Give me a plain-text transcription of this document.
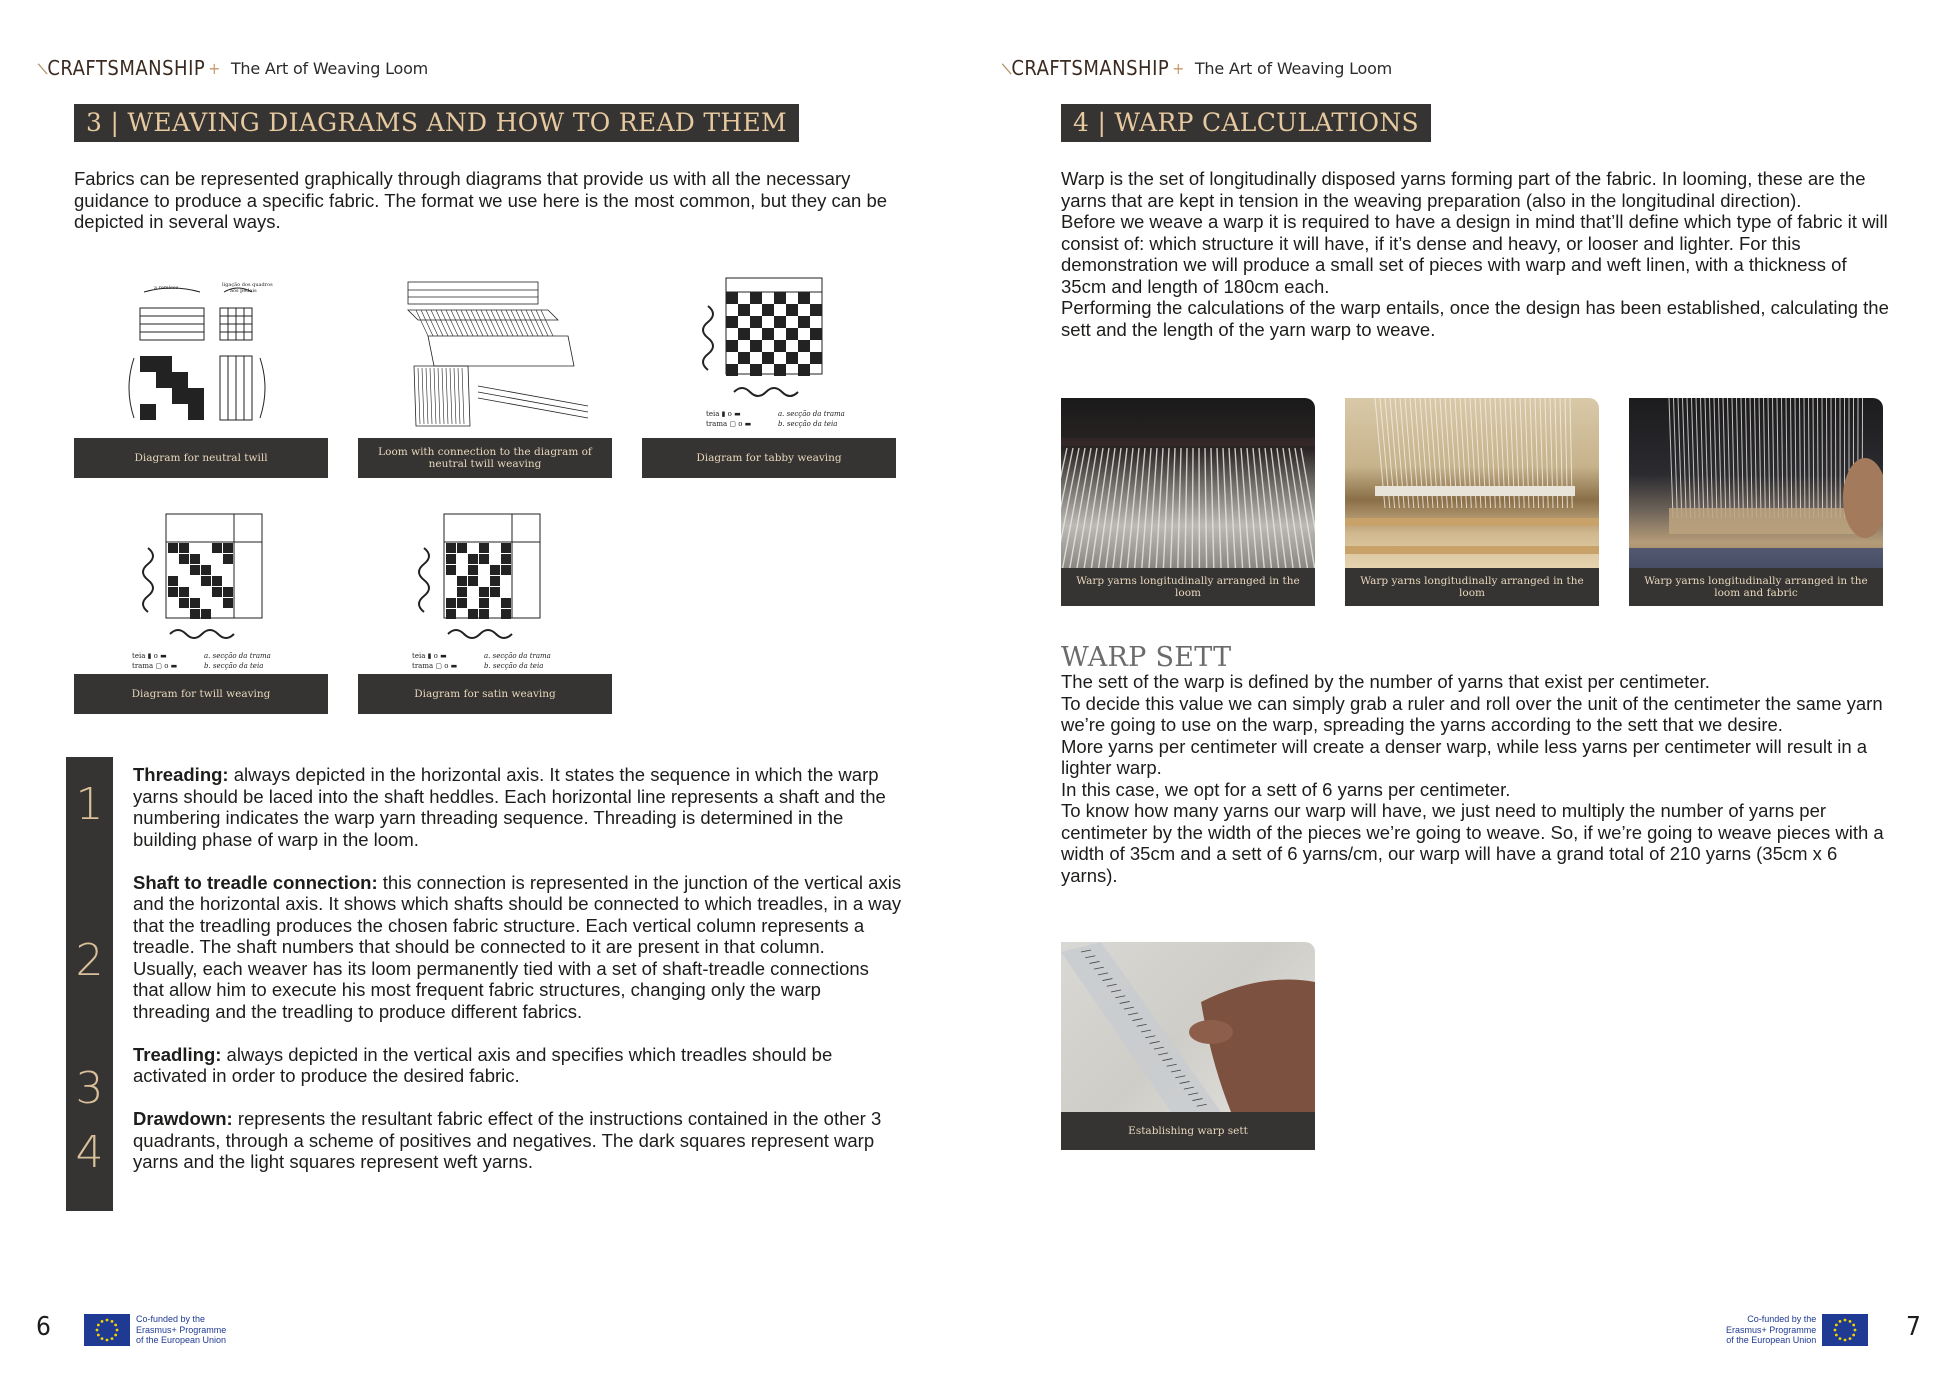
\
CRAFTSMANSHIP + The Art of Weaving Loom
3 | WEAVING DIAGRAMS AND HOW TO READ THEM
Fabrics can be represented graphically through diagrams that provide us with all the necessary guidance to produce a specific fabric. The format we use here is the most common, but they can be depicted in several ways.
a remisse	ligação dos quadros
aos pedais
Diagram for neutral twill	Loom with connection to the diagram of neutral twill weaving
teia ▮ o ▬
trama ▢ o ▬
a. secção da trama
b. secção da teia
Diagram for tabby weaving
teia ▮ o ▬
trama ▢ o ▬
a. secção da trama
b. secção da teia
Diagram for twill weaving
teia ▮ o ▬
trama ▢ o ▬
a. secção da trama
b. secção da teia
Diagram for satin weaving
1
2
3
4

Threading: always depicted in the horizontal axis. It states the sequence in which the warp yarns should be laced into the shaft heddles. Each horizontal line represents a shaft and the numbering indicates the warp yarn threading sequence. Threading is determined in the building phase of warp in the loom.

Shaft to treadle connection: this connection is represented in the junction of the vertical axis and the horizontal axis. It shows which shafts should be connected to which treadles, in a way that the treadling produces the chosen fabric structure. Each vertical column represents a treadle. The shaft numbers that should be connected to it are present in that column.

Usually, each weaver has its loom permanently tied with a set of shaft-treadle connections that allow him to execute his most frequent fabric structures, changing only the warp threading and the treadling to produce different fabrics.

Treadling: always depicted in the vertical axis and specifies which treadles should be activated in order to produce the desired fabric.

Drawdown: represents the resultant fabric effect of the instructions contained in the other 3 quadrants, through a scheme of positives and negatives. The dark squares represent warp yarns and the light squares represent weft yarns.

6	Co-funded by the
Erasmus+ Programme
of the European Union
\
CRAFTSMANSHIP + The Art of Weaving Loom
4 | WARP CALCULATIONS
Warp is the set of longitudinally disposed yarns forming part of the fabric. In looming, these are the yarns that are kept in tension in the weaving preparation (also in the longitudinal direction).
Before we weave a warp it is required to have a design in mind that’ll define which type of fabric it will consist of: which structure it will have, if it’s dense and heavy, or looser and lighter. For this demonstration we will produce a small set of pieces with warp and weft linen, with a thickness of 35cm and length of 180cm each.
Performing the calculations of the warp entails, once the design has been established, calculating the sett and the length of the yarn warp to weave.
Warp yarns longitudinally arranged in the loom
Warp yarns longitudinally arranged in the loom
Warp yarns longitudinally arranged in the loom and fabric
WARP SETT
The sett of the warp is defined by the number of yarns that exist per centimeter.
To decide this value we can simply grab a ruler and roll over the unit of the centimeter the same yarn we’re going to use on the warp, spreading the yarns according to the sett that we desire.
More yarns per centimeter will create a denser warp, while less yarns per centimeter will result in a lighter warp.
In this case, we opt for a sett of 6 yarns per centimeter.
To know how many yarns our warp will have, we just need to multiply the number of yarns per centimeter by the width of the pieces we’re going to weave. So, if we’re going to weave pieces with a width of 35cm and a sett of 6 yarns/cm, our warp will have a grand total of 210 yarns (35cm x 6 yarns).
Establishing warp sett
7
Co-funded by the
Erasmus+ Programme
of the European Union
